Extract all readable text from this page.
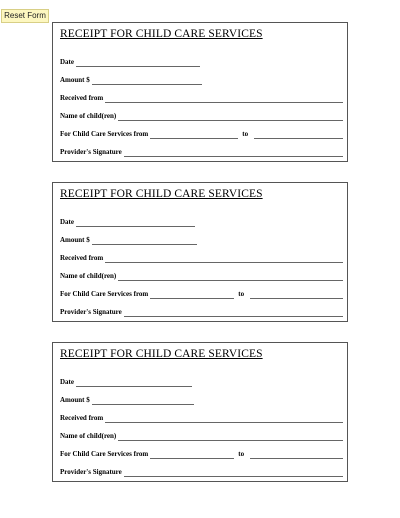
Reset Form
RECEIPT FOR CHILD CARE SERVICES
Date
Amount $
Received from
Name of child(ren)
For Child Care Services from	to
Provider's Signature
RECEIPT FOR CHILD CARE SERVICES
Date
Amount $
Received from
Name of child(ren)
For Child Care Services from	to
Provider's Signature
RECEIPT FOR CHILD CARE SERVICES
Date
Amount $
Received from
Name of child(ren)
For Child Care Services from	to
Provider's Signature
